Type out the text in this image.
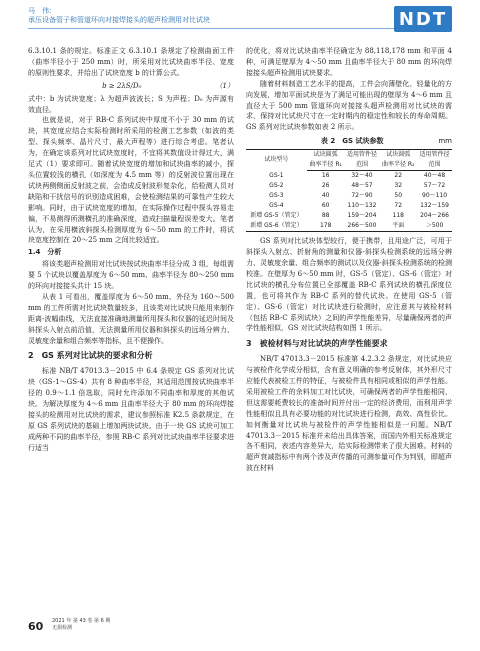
马　伟：
承压设备管子和管道环向对接焊接头的超声检测用对比试块	NDT

6.3.10.1 条的规定。标准正文 6.3.10.1 条规定了检测曲面工件（曲率半径小于 250 mm）时，所采用对比试块曲率半径、宽度的原则性要求，并给出了试块宽度 b 的计算公式。

b ≥ 2λS/D₀	（1）

式中：b 为试块宽度；λ 为超声波波长；S 为声程；D₀ 为声源有效直径。

也就是说，对于 RB-C 系列试块中厚度不小于 30 mm 的试块，其宽度应结合实际检测时所采用的检测工艺参数（如波的类型、探头频率、晶片尺寸，最大声程等）进行综合考虑。笔者认为，在确定该系列对比试块宽度时，不宜将其数值设计得过大，满足式（1）要求即可。随着试块宽度的增加和试块曲率的减小，探头位置较浅的横孔（如深度为 4.5 mm 等）的反射波位置出现在试块两侧侧面反射波之前，会造成反射波形复杂化，给检测人员对缺陷和干扰信号的识别造成困难，会使检测结果的可靠性产生较大影响。同时，由于试块宽度的增加，在实际操作过程中探头容易走偏，不易测得所测横孔的准确深度，造成扫描量程误差变大。笔者认为，在采用横波斜探头检测厚度为 6～50 mm 的工件时，将试块宽度控制在 20～25 mm 之间比较适宜。

1.4　分析

将该类超声检测用对比试块按试块曲率半径分成 3 组，每组需要 5 个试块以覆盖厚度为 6～50 mm、曲率半径为 80～250 mm 的环向对接接头共计 15 块。

从表 1 可看出，覆盖厚度为 6～50 mm、外径为 160～500 mm 的工件所需对比试块数量较多，且该类对比试块只能用来制作距离-波幅曲线，无法直接准确地测量所用探头和仪器的延迟时间及斜探头入射点前沿值，无法测量所用仪器和斜探头的远场分辨力、灵敏度余量和组合频率等指标，且不便操作。

2　GS 系列对比试块的要求和分析

标准 NB/T 47013.3－2015 中 6.4 条规定 GS 系列对比试块（GS-1～GS-4）共有 8 种曲率半径，其适用范围按试块曲率半径的 0.9～1.1 倍选取，同时允许添加不同曲率和厚度的其他试块。为解决厚度为 4～6 mm 且曲率半径大于 80 mm 的环向焊接接头的检测用对比试块的需求，建议参照标准 K2.5 条款规定，在原 GS 系列试块的基础上增加两块试块。由于一块 GS 试块可加工成两种不同的曲率半径，参照 RB-C 系列对比试块曲率半径要求进行适当

的优化，将对比试块曲率半径确定为 88,118,178 mm 和平面 4 种，可满足壁厚为 4～50 mm 且曲率半径大于 80 mm 的环向焊接接头超声检测用试块要求。

随着材料制造工艺水平的提高，工件会向薄壁化、轻量化的方向发展，增加平面试块是为了满足可能出现的壁厚为 4～6 mm 且直径大于 500 mm 管道环向对接接头超声检测用对比试块的需求，保持对比试块尺寸在一定时期内的稳定性和较长的寿命周期。GS 系列对比试块参数如表 2 所示。

表 2　GS 试块参数	mm
试块型号	试块圆弧	适用管件径	试块圆弧	适用管件径
	曲率半径 R₁	范围	曲率半径 R₂	范围
GS-1	16	32～40	22	40～48
GS-2	26	48～57	32	57～72
GS-3	40	72～90	50	90～110
GS-4	60	110～132	72	132～159
新增 GS-5（管定）	88	159～204	118	204～266
新增 GS-6（管定）	178	266～500	平面	＞500

GS 系列对比试块体型较行，便于携带，且用途广泛，可用于斜探头入射点、折射角的测量和仪器-斜探头检测系统的远场分辨力、灵敏度余量、组合频率的测试以及仪器-斜探头检测系统的检测校准。在壁厚为 6～50 mm 时，GS-5（管定）、GS-6（管定）对比试块的横孔分布位置已全部覆盖 RB-C 系列试块的横孔深度位置，也可将其作为 RB-C 系列的替代试块。在使用 GS-5（管定）、GS-6（管定）对比试块进行检测时，应注意其与被检材料（包括 RB-C 系列试块）之间的声学性能差异，尽量确保两者的声学性能相似，GS 对比试块结构如图 1 所示。

3　被检材料与对比试块的声学性能要求

NB/T 47013.3－2015 标准第 4.2.3.2 条规定，对比试块应与被检件化学成分相似，含有意义明确的参考反射体，其外形尺寸应能代表被检工件的特征，与被检件具有相同或相似的声学性能。采用被检工件的余料加工对比试块，可确保两者的声学性能相同，但这需要耗费较长的准备时间并付出一定的经济费用，而利用声学性能相似且具有必要功能的对比试块进行检测，高效、高性价比。如何衡量对比试块与被检件的声学性能相似是一问题。NB/T 47013.3－2015 标准并未给出具体答案，而国内外相关标准规定各不相同，表述内容差异大，给实际检测带来了很大困难。材料的超声衰减指标中有两个涉及声传播的可测参量可作为判别，即超声波在材料

60 2021 年 第 43 卷 第 6 期
无损检测
